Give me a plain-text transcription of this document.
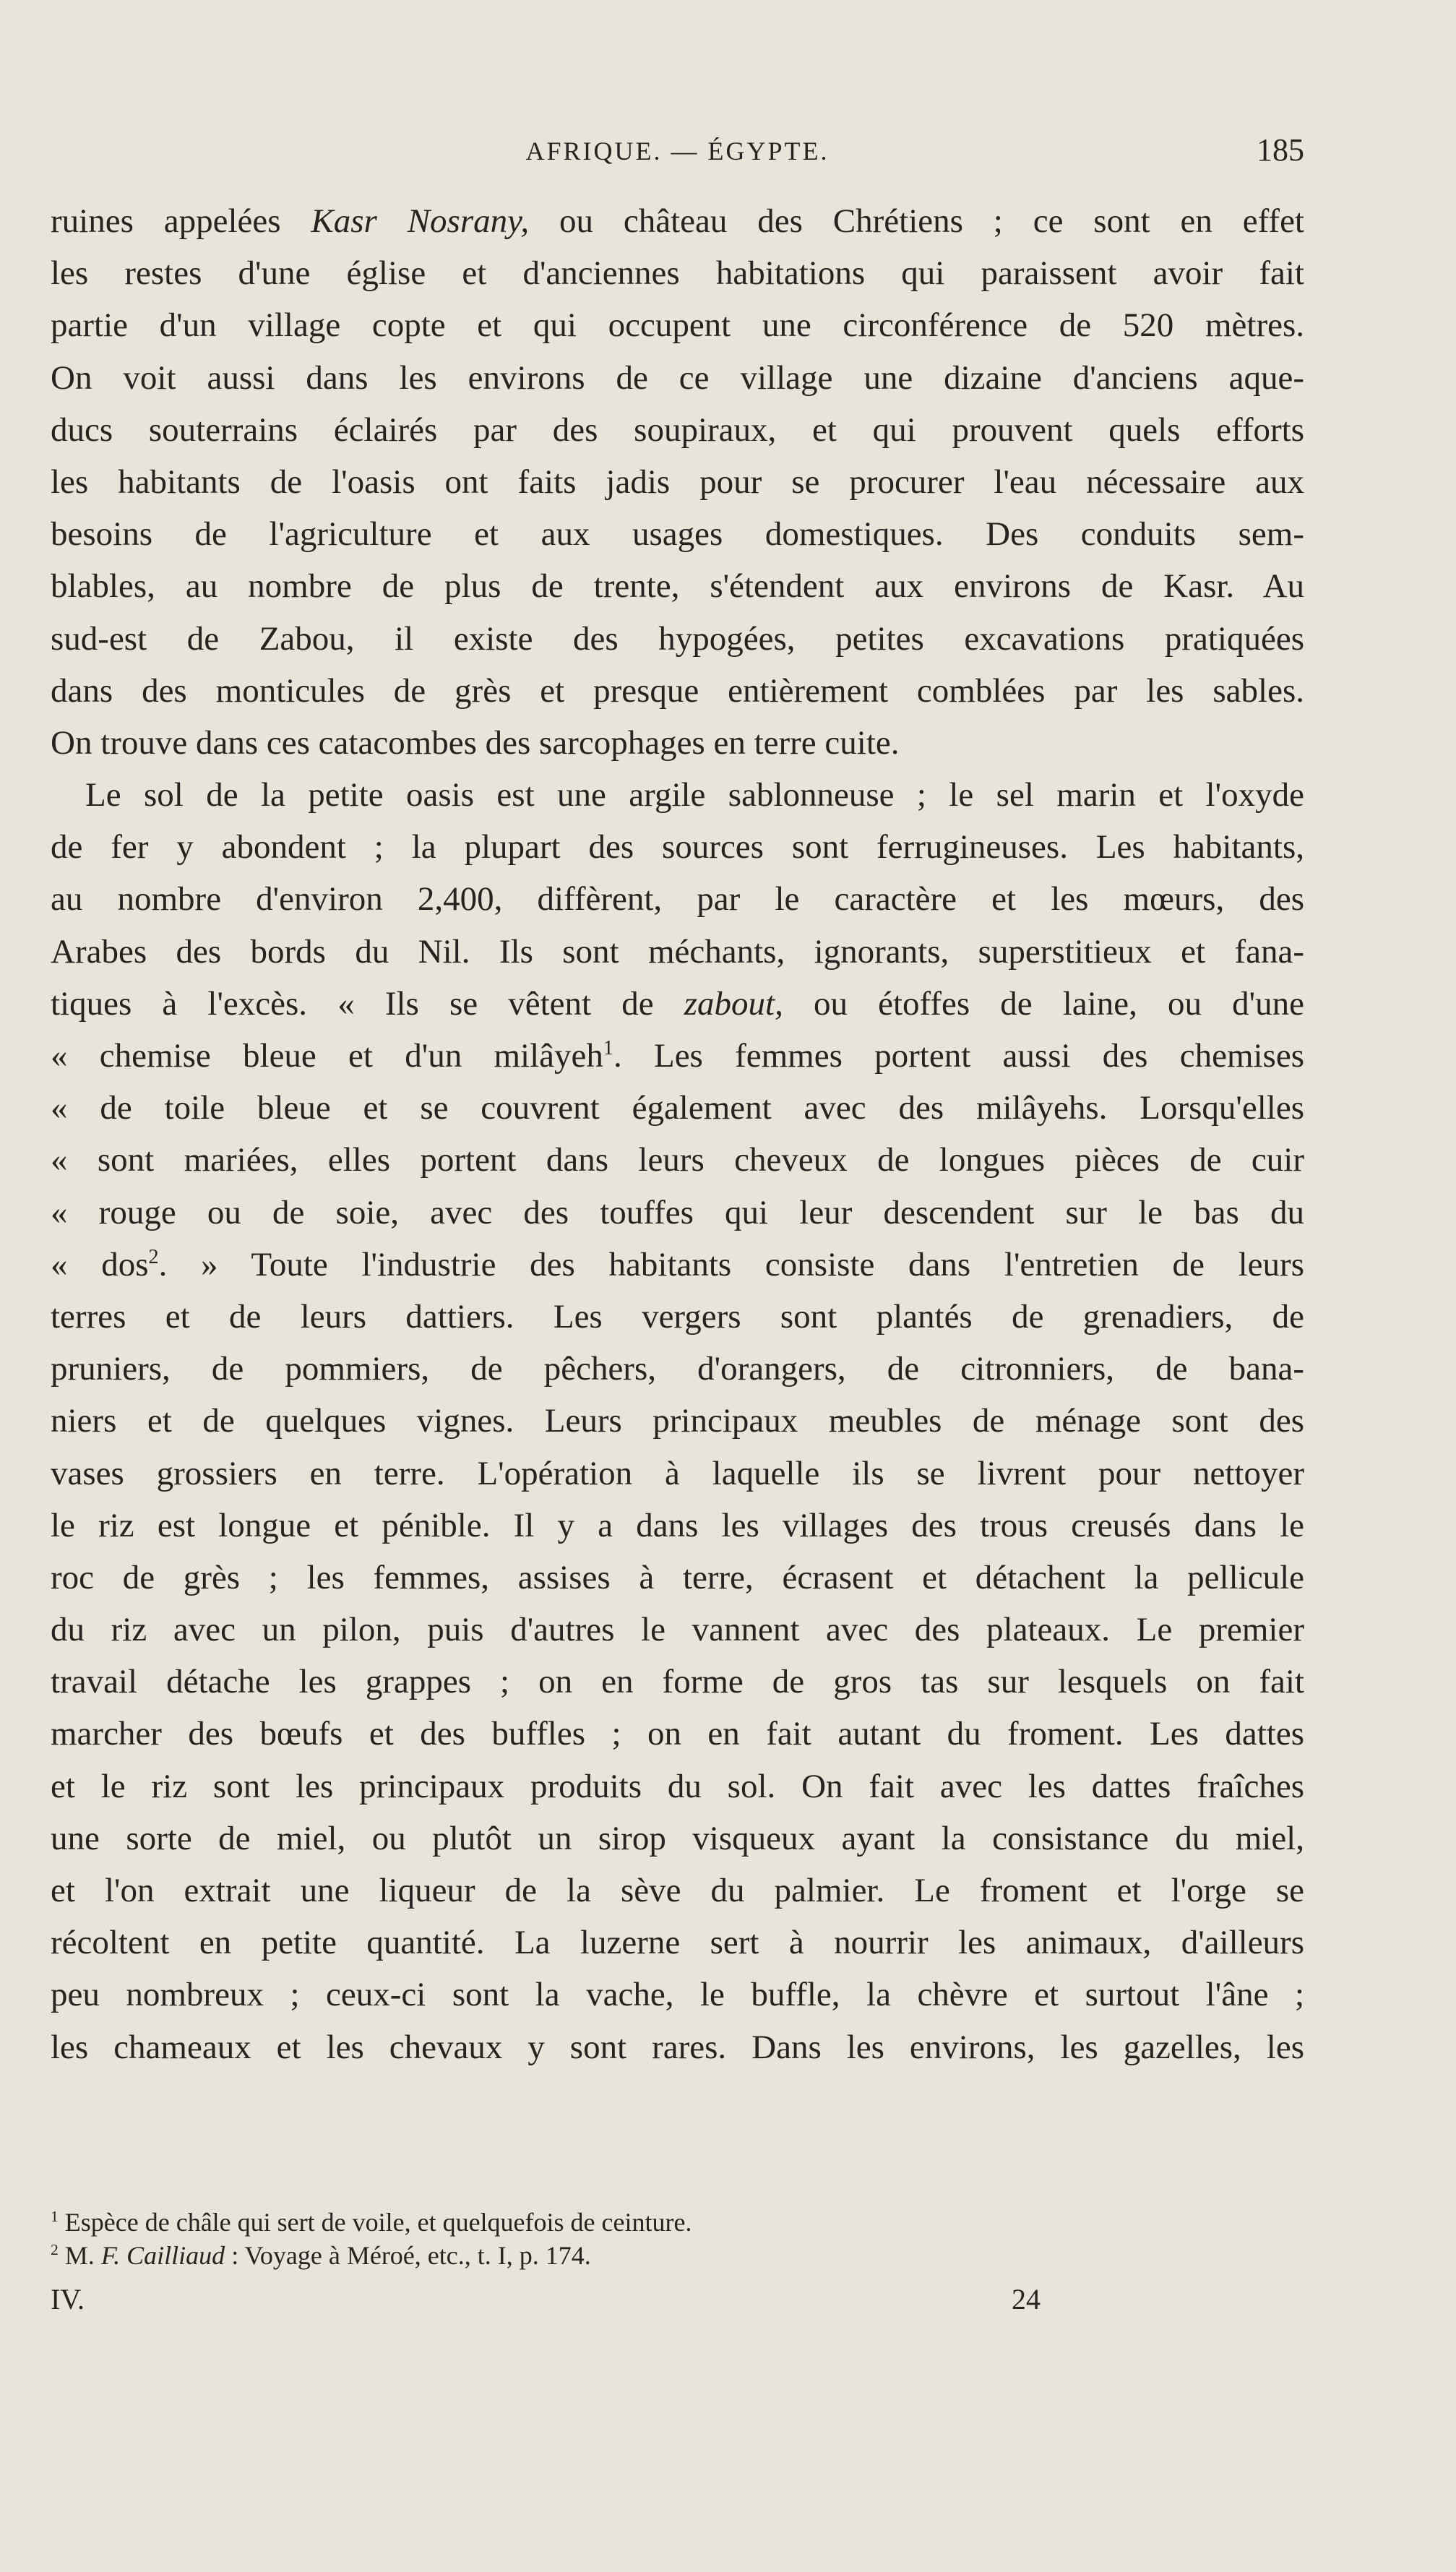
AFRIQUE. — ÉGYPTE.	185
ruines appelées Kasr Nosrany, ou château des Chrétiens ; ce sont en effet
les restes d'une église et d'anciennes habitations qui paraissent avoir fait
partie d'un village copte et qui occupent une circonférence de 520 mètres.
On voit aussi dans les environs de ce village une dizaine d'anciens aque-
ducs souterrains éclairés par des soupiraux, et qui prouvent quels efforts
les habitants de l'oasis ont faits jadis pour se procurer l'eau nécessaire aux
besoins de l'agriculture et aux usages domestiques. Des conduits sem-
blables, au nombre de plus de trente, s'étendent aux environs de Kasr. Au
sud-est de Zabou, il existe des hypogées, petites excavations pratiquées
dans des monticules de grès et presque entièrement comblées par les sables.
On trouve dans ces catacombes des sarcophages en terre cuite.
Le sol de la petite oasis est une argile sablonneuse ; le sel marin et l'oxyde
de fer y abondent ; la plupart des sources sont ferrugineuses. Les habitants,
au nombre d'environ 2,400, diffèrent, par le caractère et les mœurs, des
Arabes des bords du Nil. Ils sont méchants, ignorants, superstitieux et fana-
tiques à l'excès. « Ils se vêtent de zabout, ou étoffes de laine, ou d'une
« chemise bleue et d'un milâyeh$^1$. Les femmes portent aussi des chemises
« de toile bleue et se couvrent également avec des milâyehs. Lorsqu'elles
« sont mariées, elles portent dans leurs cheveux de longues pièces de cuir
« rouge ou de soie, avec des touffes qui leur descendent sur le bas du
« dos$^2$. » Toute l'industrie des habitants consiste dans l'entretien de leurs
terres et de leurs dattiers. Les vergers sont plantés de grenadiers, de
pruniers, de pommiers, de pêchers, d'orangers, de citronniers, de bana-
niers et de quelques vignes. Leurs principaux meubles de ménage sont des
vases grossiers en terre. L'opération à laquelle ils se livrent pour nettoyer
le riz est longue et pénible. Il y a dans les villages des trous creusés dans le
roc de grès ; les femmes, assises à terre, écrasent et détachent la pellicule
du riz avec un pilon, puis d'autres le vannent avec des plateaux. Le premier
travail détache les grappes ; on en forme de gros tas sur lesquels on fait
marcher des bœufs et des buffles ; on en fait autant du froment. Les dattes
et le riz sont les principaux produits du sol. On fait avec les dattes fraîches
une sorte de miel, ou plutôt un sirop visqueux ayant la consistance du miel,
et l'on extrait une liqueur de la sève du palmier. Le froment et l'orge se
récoltent en petite quantité. La luzerne sert à nourrir les animaux, d'ailleurs
peu nombreux ; ceux-ci sont la vache, le buffle, la chèvre et surtout l'âne ;
les chameaux et les chevaux y sont rares. Dans les environs, les gazelles, les
$^1$ Espèce de châle qui sert de voile, et quelquefois de ceinture.
$^2$ M. F. Cailliaud : Voyage à Méroé, etc., t. I, p. 174.
IV.	24
